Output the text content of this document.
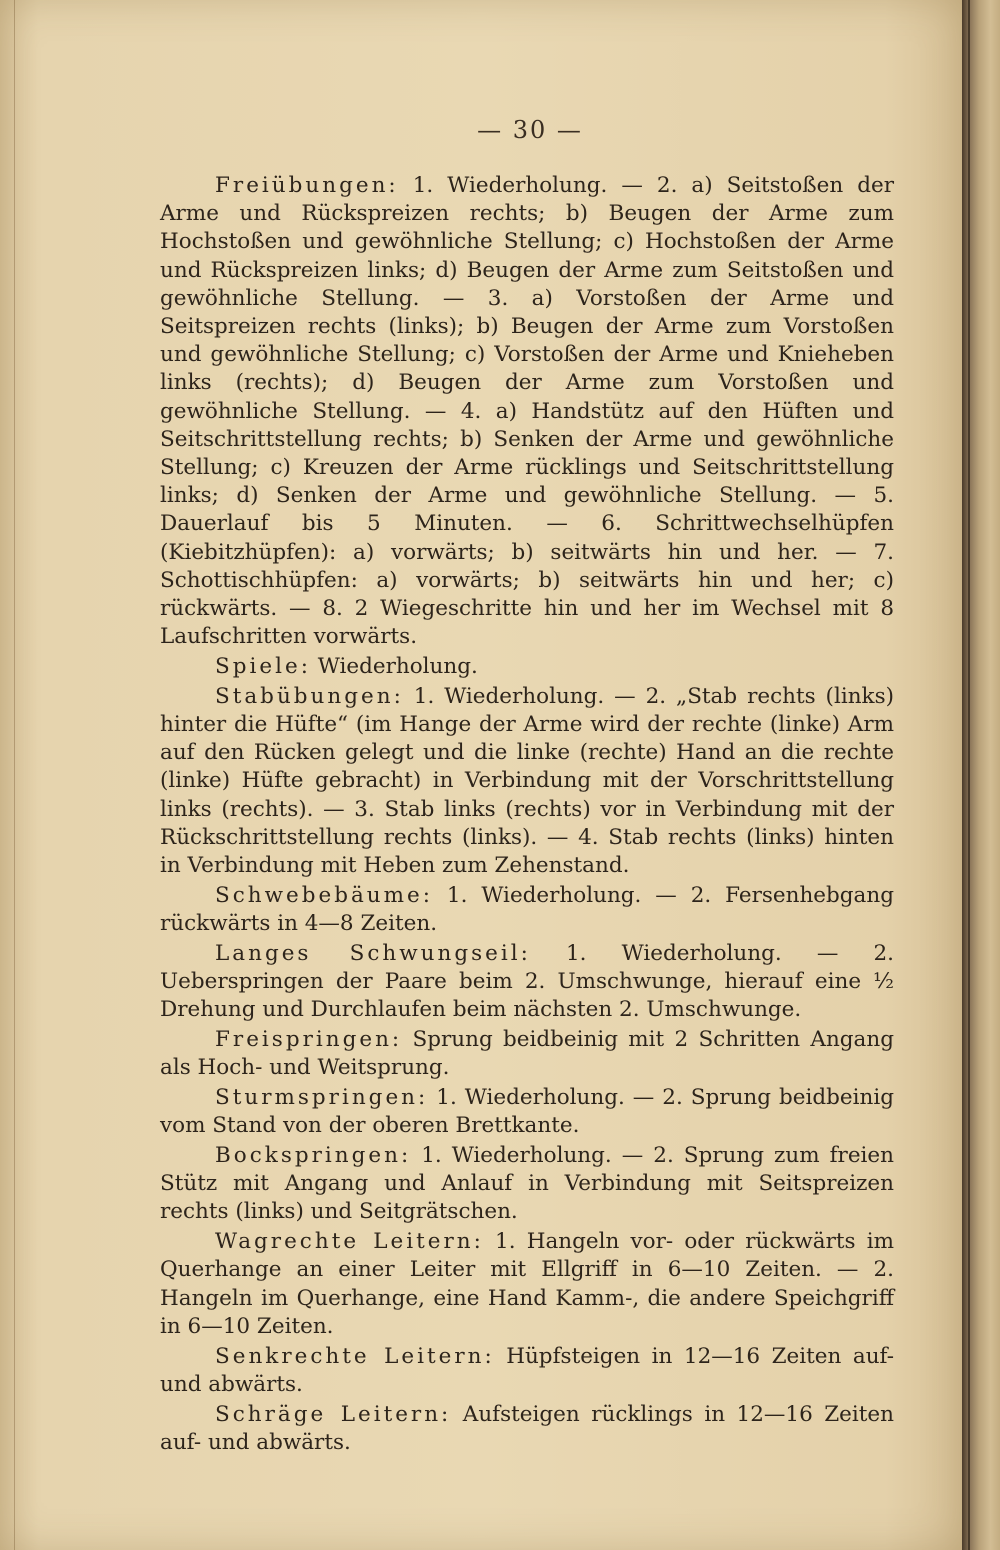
— 30 —

Freiübungen: 1. Wiederholung. — 2. a) Seitstoßen der Arme und Rückspreizen rechts; b) Beugen der Arme zum Hochstoßen und gewöhnliche Stellung; c) Hochstoßen der Arme und Rückspreizen links; d) Beugen der Arme zum Seitstoßen und gewöhnliche Stellung. — 3. a) Vorstoßen der Arme und Seitspreizen rechts (links); b) Beugen der Arme zum Vorstoßen und gewöhnliche Stellung; c) Vorstoßen der Arme und Knieheben links (rechts); d) Beugen der Arme zum Vorstoßen und gewöhnliche Stellung. — 4. a) Handstütz auf den Hüften und Seitschrittstellung rechts; b) Senken der Arme und gewöhnliche Stellung; c) Kreuzen der Arme rücklings und Seitschrittstellung links; d) Senken der Arme und gewöhnliche Stellung. — 5. Dauerlauf bis 5 Minuten. — 6. Schrittwechselhüpfen (Kiebitzhüpfen): a) vorwärts; b) seitwärts hin und her. — 7. Schottischhüpfen: a) vorwärts; b) seitwärts hin und her; c) rückwärts. — 8. 2 Wiegeschritte hin und her im Wechsel mit 8 Laufschritten vorwärts.

Spiele: Wiederholung.

Stabübungen: 1. Wiederholung. — 2. „Stab rechts (links) hinter die Hüfte“ (im Hange der Arme wird der rechte (linke) Arm auf den Rücken gelegt und die linke (rechte) Hand an die rechte (linke) Hüfte gebracht) in Verbindung mit der Vorschrittstellung links (rechts). — 3. Stab links (rechts) vor in Verbindung mit der Rückschrittstellung rechts (links). — 4. Stab rechts (links) hinten in Verbindung mit Heben zum Zehenstand.

Schwebebäume: 1. Wiederholung. — 2. Fersenhebgang rückwärts in 4—8 Zeiten.

Langes Schwungseil: 1. Wiederholung. — 2. Ueberspringen der Paare beim 2. Umschwunge, hierauf eine ½ Drehung und Durchlaufen beim nächsten 2. Umschwunge.

Freispringen: Sprung beidbeinig mit 2 Schritten Angang als Hoch- und Weitsprung.

Sturmspringen: 1. Wiederholung. — 2. Sprung beidbeinig vom Stand von der oberen Brettkante.

Bockspringen: 1. Wiederholung. — 2. Sprung zum freien Stütz mit Angang und Anlauf in Verbindung mit Seitspreizen rechts (links) und Seitgrätschen.

Wagrechte Leitern: 1. Hangeln vor- oder rückwärts im Querhange an einer Leiter mit Ellgriff in 6—10 Zeiten. — 2. Hangeln im Querhange, eine Hand Kamm-, die andere Speichgriff in 6—10 Zeiten.

Senkrechte Leitern: Hüpfsteigen in 12—16 Zeiten auf- und abwärts.

Schräge Leitern: Aufsteigen rücklings in 12—16 Zeiten auf- und abwärts.
